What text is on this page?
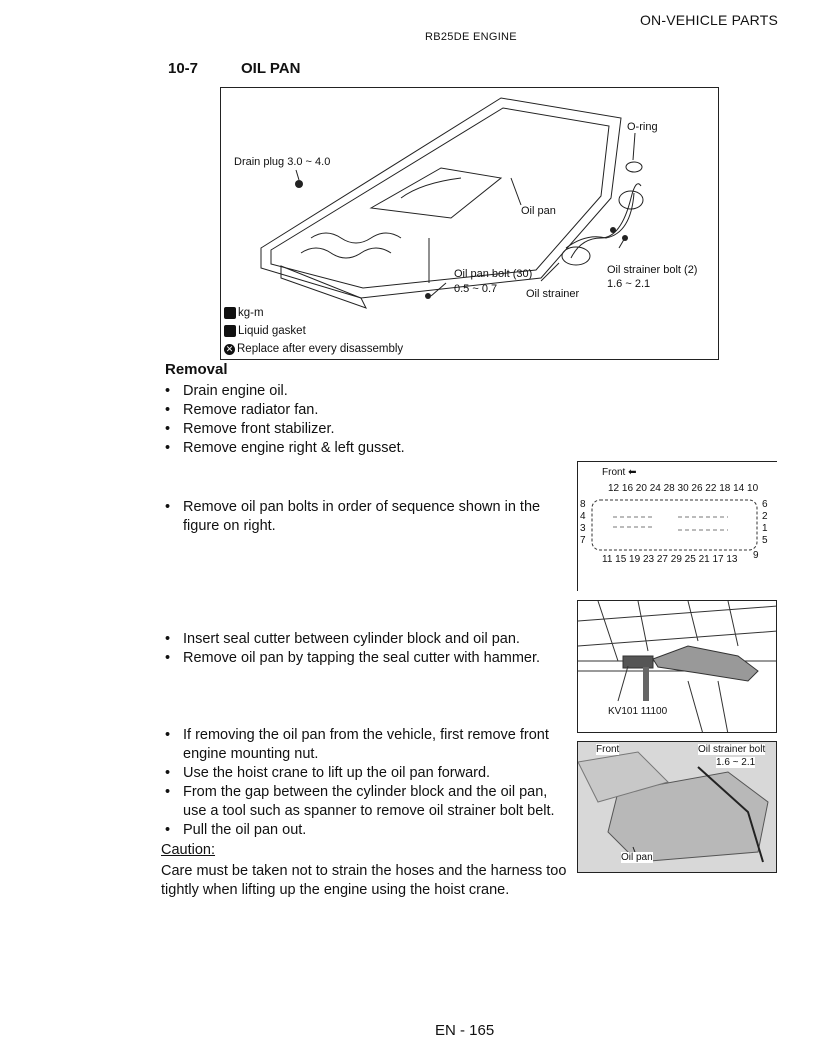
ON-VEHICLE PARTS
RB25DE ENGINE
10-7	OIL PAN
O-ring
Drain plug 3.0 ~ 4.0
Oil pan
Oil pan bolt (30)
0.5 ~ 0.7	Oil strainer
Oil strainer bolt (2)
1.6 ~ 2.1
kg-m
Liquid gasket
✕ Replace after every disassembly
Removal
• Drain engine oil.
• Remove radiator fan.
• Remove front stabilizer.
• Remove engine right & left gusset.
• Remove oil pan bolts in order of sequence shown in the figure on right.
• Insert seal cutter between cylinder block and oil pan.
• Remove oil pan by tapping the seal cutter with hammer.
• If removing the oil pan from the vehicle, first remove front engine mounting nut.
• Use the hoist crane to lift up the oil pan forward.
• From the gap between the cylinder block and the oil pan, use a tool such as spanner to remove oil strainer bolt belt.
• Pull the oil pan out.
Caution:
Care must be taken not to strain the hoses and the harness too tightly when lifting up the engine using the hoist crane.
Front ⬅
12 16 20 24 28 30 26 22 18 14 10
8
4
3
7
6
2
1
5
11 15 19 23 27 29 25 21 17 13 9
KV101 11100
Front	Oil strainer bolt
1.6 ~ 2.1
Oil pan
EN - 165
